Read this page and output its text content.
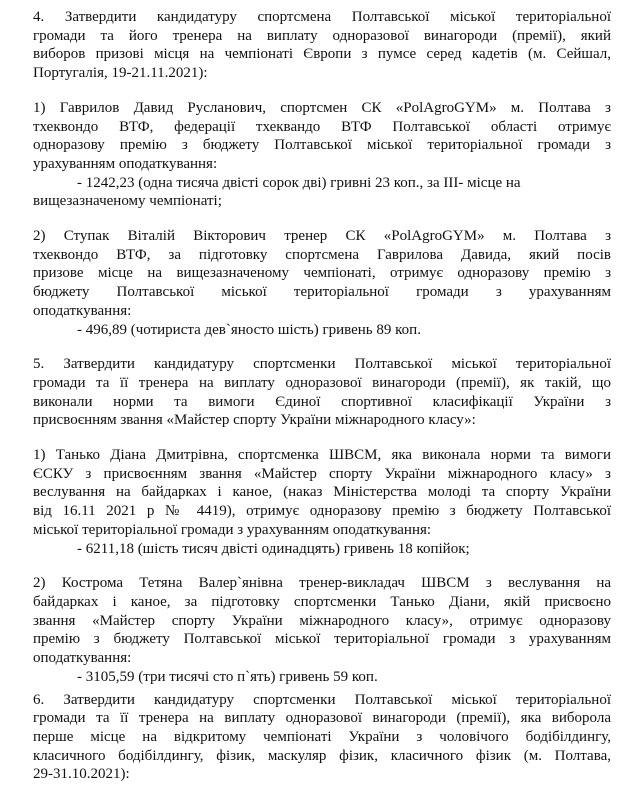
4. Затвердити кандидатуру спортсмена Полтавської міської територіальної
громади та його тренера на виплату одноразової винагороди (премії), який
виборов призові місця на чемпіонаті Європи з пумсе серед кадетів (м. Сейшал,
Португалія, 19-21.11.2021):
1) Гаврилов Давид Русланович, спортсмен СК «PolAgroGYM» м. Полтава з
тхеквондо ВТФ, федерації тхеквандо ВТФ Полтавської області отримує
одноразову премію з бюджету Полтавської міської територіальної громади з
урахуванням оподаткування:
- 1242,23 (одна тисяча двісті сорок дві) гривні 23 коп., за ІІІ- місце на
вищезазначеному чемпіонаті;
2) Ступак Віталій Вікторович тренер СК «PolAgroGYM» м. Полтава з
тхеквондо ВТФ, за підготовку спортсмена Гаврилова Давида, який посів
призове місце на вищезазначеному чемпіонаті, отримує одноразову премію з
бюджету Полтавської міської територіальної громади з урахуванням
оподаткування:
- 496,89 (чотириста дев`яносто шість) гривень 89 коп.
5. Затвердити кандидатуру спортсменки Полтавської міської територіальної
громади та її тренера на виплату одноразової винагороди (премії), як такій, що
виконали норми та вимоги Єдиної спортивної класифікації України з
присвоєнням звання «Майстер спорту України міжнародного класу»:
1) Танько Діана Дмитрівна, спортсменка ШВСМ, яка виконала норми та вимоги
ЄСКУ з присвоєнням звання «Майстер спорту України міжнародного класу» з
веслування на байдарках і каное, (наказ Міністерства молоді та спорту України
від 16.11 2021 р № 4419), отримує одноразову премію з бюджету Полтавської
міської територіальної громади з урахуванням оподаткування:
- 6211,18 (шість тисяч двісті одинадцять) гривень 18 копійок;
2) Кострома Тетяна Валер`янівна тренер-викладач ШВСМ з веслування на
байдарках і каное, за підготовку спортсменки Танько Діани, якій присвоєно
звання «Майстер спорту України міжнародного класу», отримує одноразову
премію з бюджету Полтавської міської територіальної громади з урахуванням
оподаткування:
- 3105,59 (три тисячі сто п`ять) гривень 59 коп.
6. Затвердити кандидатуру спортсменки Полтавської міської територіальної
громади та її тренера на виплату одноразової винагороди (премії), яка виборола
перше місце на відкритому чемпіонаті України з чоловічого бодібілдингу,
класичного бодібілдингу, фізик, маскуляр фізик, класичного фізик (м. Полтава,
29-31.10.2021):
